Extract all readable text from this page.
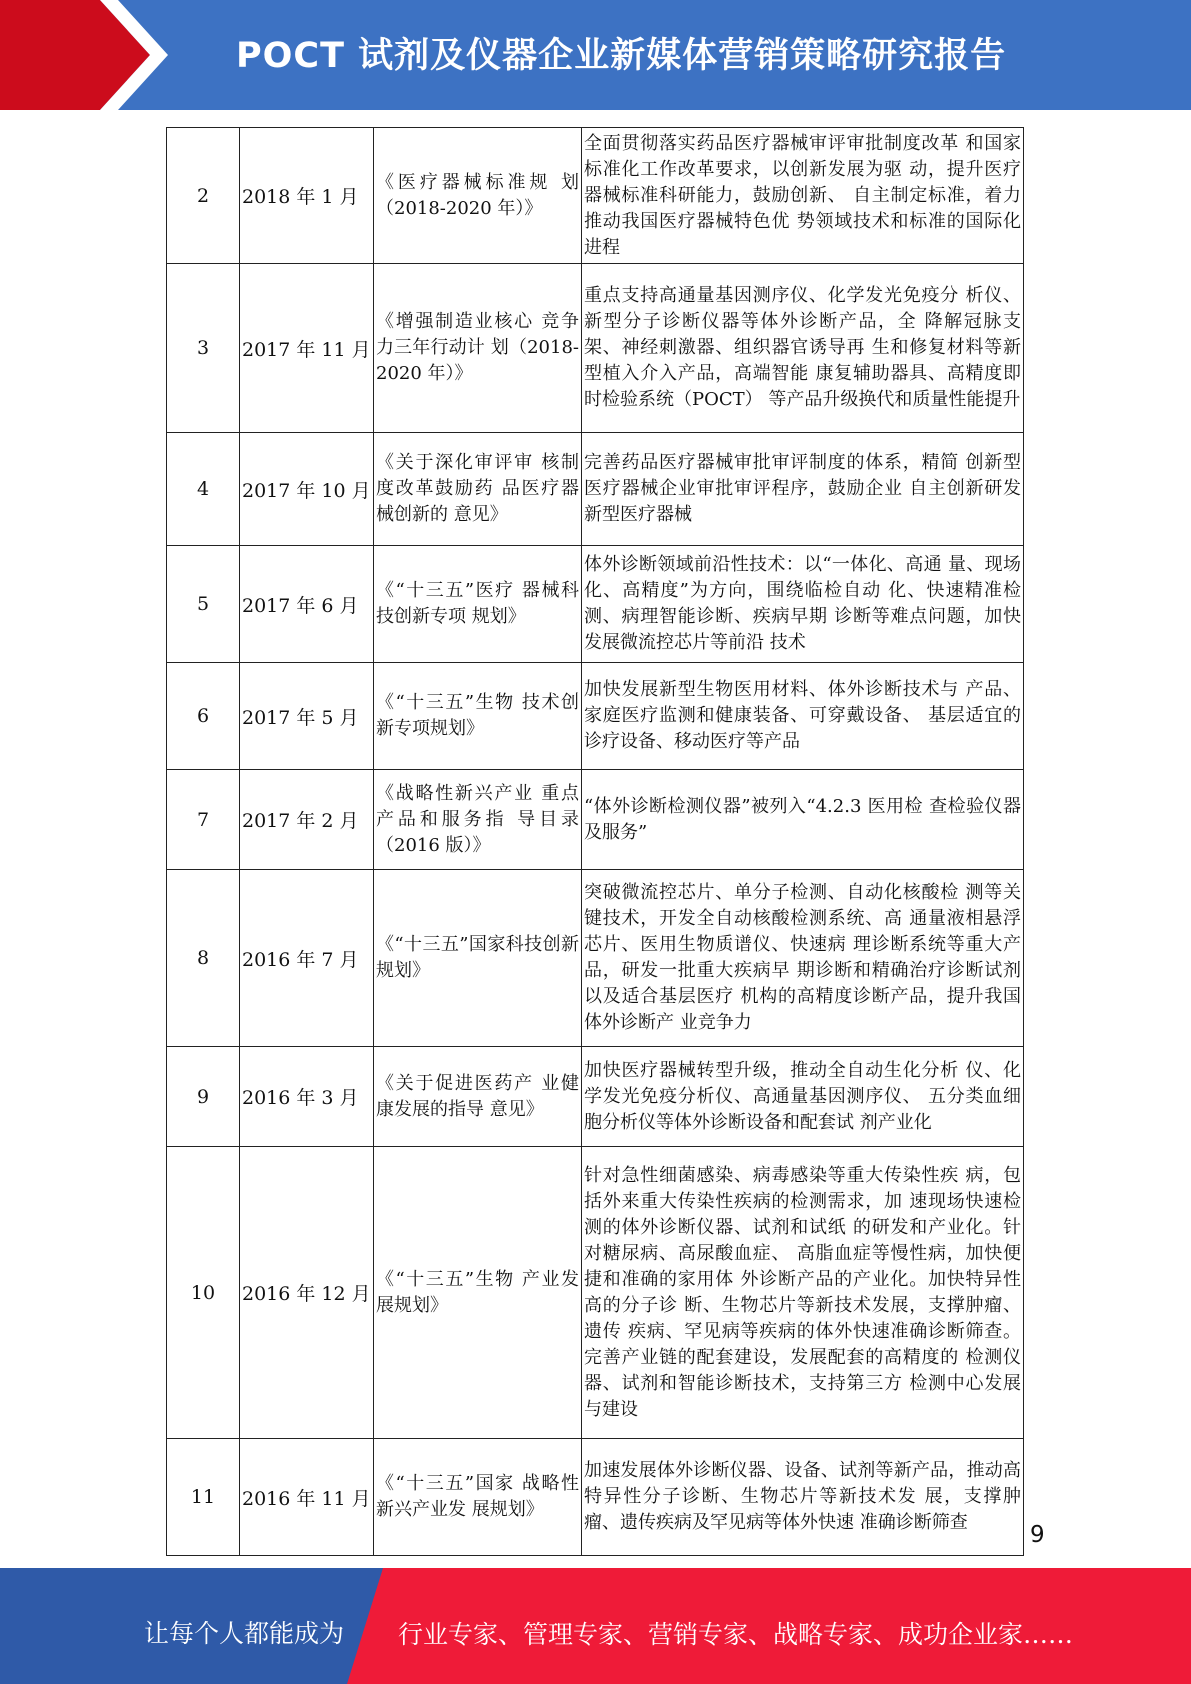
POCT 试剂及仪器企业新媒体营销策略研究报告
2	2018 年 1 月	《医疗器械标准规 划（2018-2020 年）》	全面贯彻落实药品医疗器械审评审批制度改革 和国家标准化工作改革要求，以创新发展为驱 动，提升医疗器械标准科研能力，鼓励创新、 自主制定标准，着力推动我国医疗器械特色优 势领域技术和标准的国际化进程

3	2017 年 11 月	《增强制造业核心 竞争力三年行动计 划（2018-2020 年）》	重点支持高通量基因测序仪、化学发光免疫分 析仪、新型分子诊断仪器等体外诊断产品，全 降解冠脉支架、神经刺激器、组织器官诱导再 生和修复材料等新型植入介入产品，高端智能 康复辅助器具、高精度即时检验系统（POCT） 等产品升级换代和质量性能提升

4	2017 年 10 月	《关于深化审评审 核制度改革鼓励药 品医疗器械创新的 意见》	完善药品医疗器械审批审评制度的体系，精简 创新型医疗器械企业审批审评程序，鼓励企业 自主创新研发新型医疗器械

5	2017 年 6 月	《“十三五”医疗 器械科技创新专项 规划》	体外诊断领域前沿性技术：以“一体化、高通 量、现场化、高精度”为方向，围绕临检自动 化、快速精准检测、病理智能诊断、疾病早期 诊断等难点问题，加快发展微流控芯片等前沿 技术

6	2017 年 5 月	《“十三五”生物 技术创新专项规划》	加快发展新型生物医用材料、体外诊断技术与 产品、家庭医疗监测和健康装备、可穿戴设备、 基层适宜的诊疗设备、移动医疗等产品

7	2017 年 2 月	《战略性新兴产业 重点产品和服务指 导目录（2016 版）》	“体外诊断检测仪器”被列入“4.2.3 医用检 查检验仪器及服务”

8	2016 年 7 月	《“十三五”国家科技创新规划》	突破微流控芯片、单分子检测、自动化核酸检 测等关键技术，开发全自动核酸检测系统、高 通量液相悬浮芯片、医用生物质谱仪、快速病 理诊断系统等重大产品，研发一批重大疾病早 期诊断和精确治疗诊断试剂以及适合基层医疗 机构的高精度诊断产品，提升我国体外诊断产 业竞争力

9	2016 年 3 月	《关于促进医药产 业健康发展的指导 意见》	加快医疗器械转型升级，推动全自动生化分析 仪、化学发光免疫分析仪、高通量基因测序仪、 五分类血细胞分析仪等体外诊断设备和配套试 剂产业化

10	2016 年 12 月	《“十三五”生物 产业发展规划》	针对急性细菌感染、病毒感染等重大传染性疾 病，包括外来重大传染性疾病的检测需求，加 速现场快速检测的体外诊断仪器、试剂和试纸 的研发和产业化。针对糖尿病、高尿酸血症、 高脂血症等慢性病，加快便捷和准确的家用体 外诊断产品的产业化。加快特异性高的分子诊 断、生物芯片等新技术发展，支撑肿瘤、遗传 疾病、罕见病等疾病的体外快速准确诊断筛查。 完善产业链的配套建设，发展配套的高精度的 检测仪器、试剂和智能诊断技术，支持第三方 检测中心发展与建设

11	2016 年 11 月	《“十三五”国家 战略性新兴产业发 展规划》	加速发展体外诊断仪器、设备、试剂等新产品，推动高特异性分子诊断、生物芯片等新技术发 展，支撑肿瘤、遗传疾病及罕见病等体外快速 准确诊断筛查	9
让每个人都能成为 行业专家、管理专家、营销专家、战略专家、成功企业家……
